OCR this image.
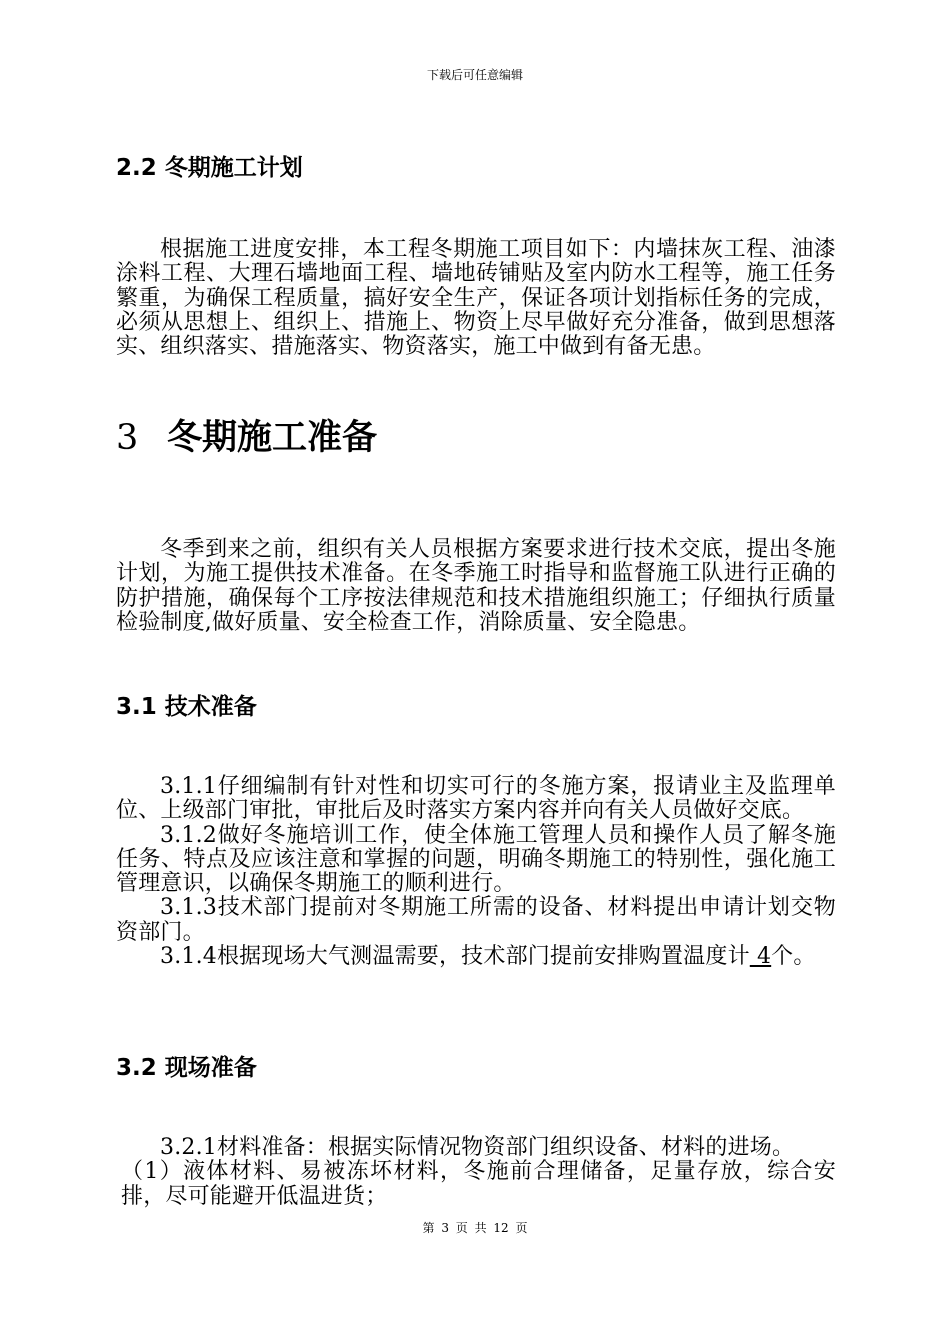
下载后可任意编辑
2.2 冬期施工计划

根据施工进度安排，本工程冬期施工项目如下：内墙抹灰工程、油漆涂料工程、大理石墙地面工程、墙地砖铺贴及室内防水工程等，施工任务繁重，为确保工程质量，搞好安全生产，保证各项计划指标任务的完成，必须从思想上、组织上、措施上、物资上尽早做好充分准备，做到思想落实、组织落实、措施落实、物资落实，施工中做到有备无患。

3 冬期施工准备

冬季到来之前，组织有关人员根据方案要求进行技术交底，提出冬施计划，为施工提供技术准备。在冬季施工时指导和监督施工队进行正确的防护措施，确保每个工序按法律规范和技术措施组织施工；仔细执行质量检验制度,做好质量、安全检查工作，消除质量、安全隐患。

3.1 技术准备

3.1.1仔细编制有针对性和切实可行的冬施方案，报请业主及监理单位、上级部门审批，审批后及时落实方案内容并向有关人员做好交底。

3.1.2做好冬施培训工作，使全体施工管理人员和操作人员了解冬施任务、特点及应该注意和掌握的问题，明确冬期施工的特别性，强化施工管理意识，以确保冬期施工的顺利进行。

3.1.3技术部门提前对冬期施工所需的设备、材料提出申请计划交物资部门。

3.1.4根据现场大气测温需要，技术部门提前安排购置温度计 4个。

3.2 现场准备

3.2.1材料准备：根据实际情况物资部门组织设备、材料的进场。

（1）液体材料、易被冻坏材料，冬施前合理储备，足量存放，综合安排，尽可能避开低温进货；

第 3 页 共 12 页
